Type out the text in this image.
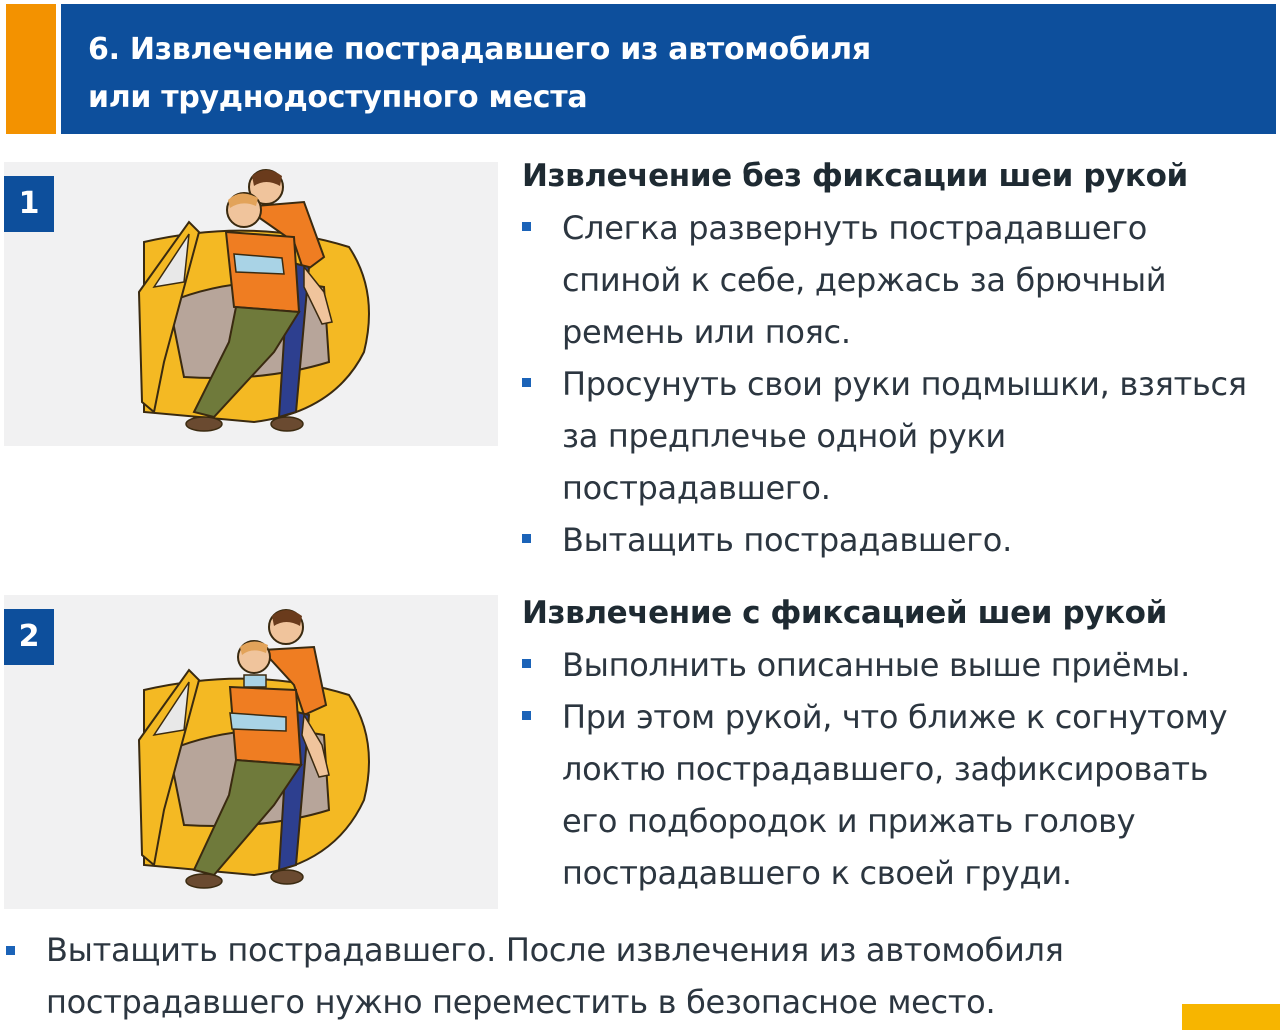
6. Извлечение пострадавшего из автомобиля
или труднодоступного места
1
Извлечение без фиксации шеи рукой
Слегка развернуть пострадавшего спиной к себе, держась за брючный ремень или пояс.
Просунуть свои руки подмышки, взяться за предплечье одной руки пострадавшего.
Вытащить пострадавшего.
2
Извлечение с фиксацией шеи рукой
Выполнить описанные выше приёмы.
При этом рукой, что ближе к согнутому локтю пострадавшего, зафиксировать его подбородок и прижать голову пострадавшего к своей груди.
Вытащить пострадавшего. После извлечения из автомобиля пострадавшего нужно переместить в безопасное место.
